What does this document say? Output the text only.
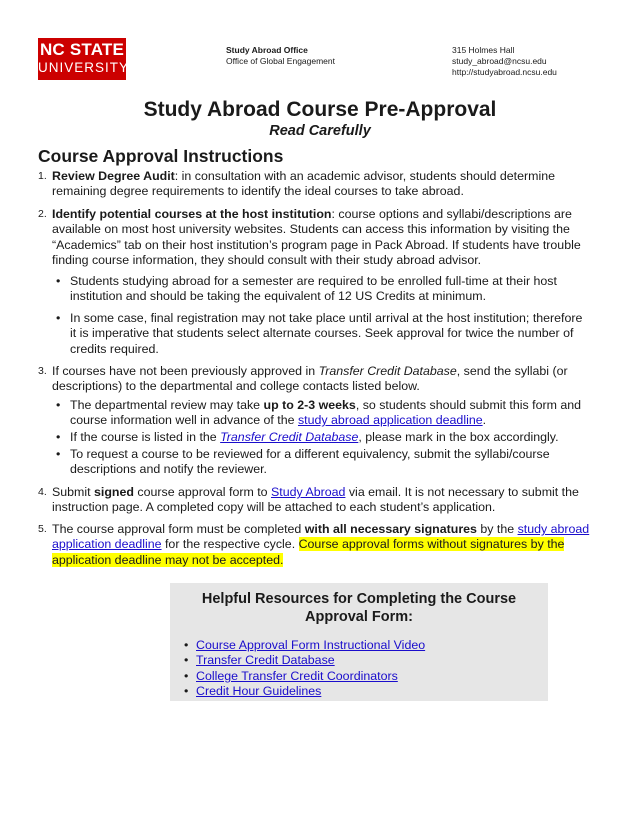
NC STATE
UNIVERSITY
Study Abroad Office
Office of Global Engagement
315 Holmes Hall
study_abroad@ncsu.edu
http://studyabroad.ncsu.edu
Study Abroad Course Pre-Approval
Read Carefully
Course Approval Instructions
1. Review Degree Audit: in consultation with an academic advisor, students should determine remaining degree requirements to identify the ideal courses to take abroad.
2. Identify potential courses at the host institution: course options and syllabi/descriptions are available on most host university websites. Students can access this information by visiting the “Academics” tab on their host institution’s program page in Pack Abroad. If students have trouble finding course information, they should consult with their study abroad advisor.
• Students studying abroad for a semester are required to be enrolled full-time at their host institution and should be taking the equivalent of 12 US Credits at minimum.
• In some case, final registration may not take place until arrival at the host institution; therefore it is imperative that students select alternate courses. Seek approval for twice the number of credits required.
3. If courses have not been previously approved in Transfer Credit Database, send the syllabi (or descriptions) to the departmental and college contacts listed below.
• The departmental review may take up to 2-3 weeks, so students should submit this form and course information well in advance of the study abroad application deadline.
• If the course is listed in the Transfer Credit Database, please mark in the box accordingly.
• To request a course to be reviewed for a different equivalency, submit the syllabi/course descriptions and notify the reviewer.
4. Submit signed course approval form to Study Abroad via email. It is not necessary to submit the instruction page. A completed copy will be attached to each student’s application.
5. The course approval form must be completed with all necessary signatures by the study abroad application deadline for the respective cycle. Course approval forms without signatures by the application deadline may not be accepted.
Helpful Resources for Completing the Course Approval Form:
• Course Approval Form Instructional Video
• Transfer Credit Database
• College Transfer Credit Coordinators
• Credit Hour Guidelines
